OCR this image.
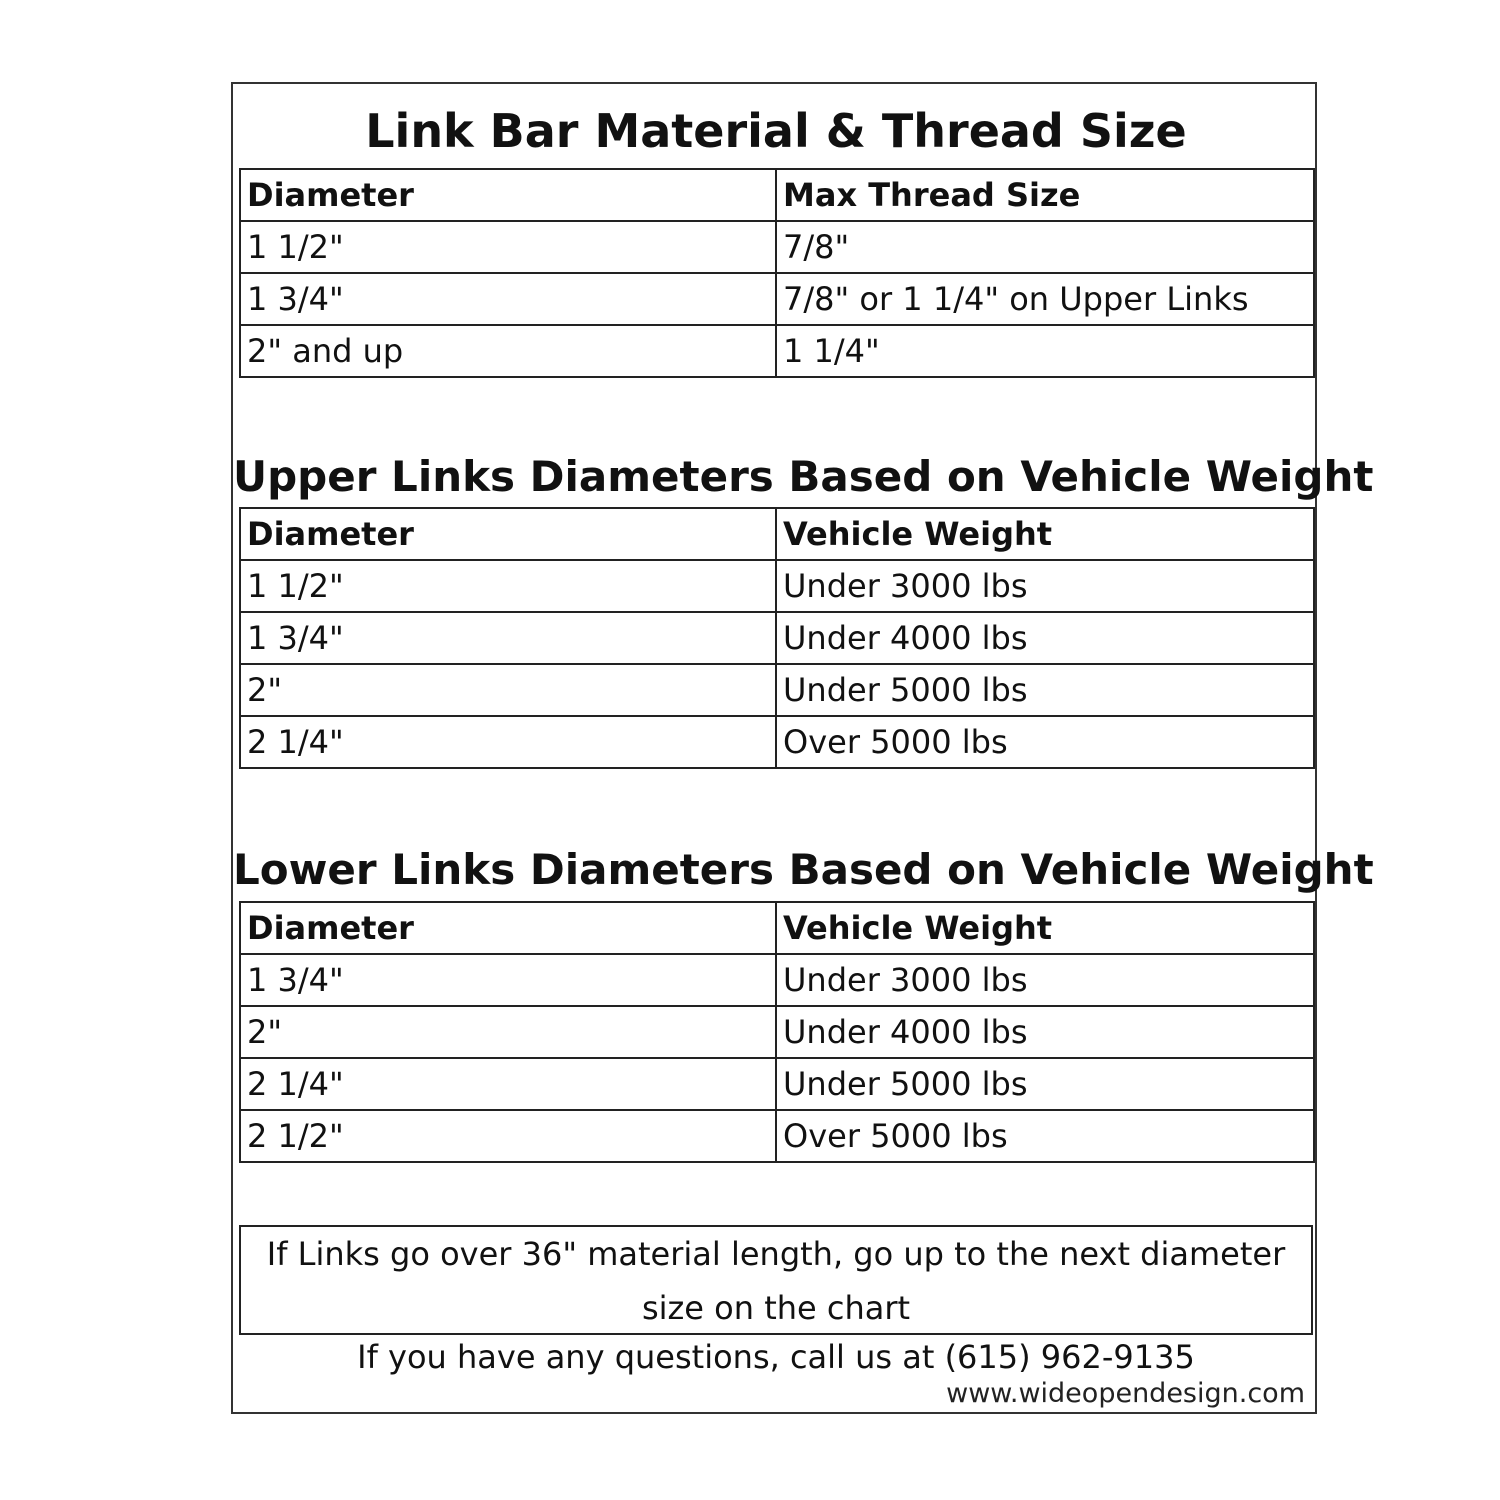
Link Bar Material & Thread Size
Diameter	Max Thread Size
1 1/2"	7/8"
1 3/4"	7/8" or 1 1/4" on Upper Links
2" and up	1 1/4"
Upper Links Diameters Based on Vehicle Weight
Diameter	Vehicle Weight
1 1/2"	Under 3000 lbs
1 3/4"	Under 4000 lbs
2"	Under 5000 lbs
2 1/4"	Over 5000 lbs
Lower Links Diameters Based on Vehicle Weight
Diameter	Vehicle Weight
1 3/4"	Under 3000 lbs
2"	Under 4000 lbs
2 1/4"	Under 5000 lbs
2 1/2"	Over 5000 lbs
If Links go over 36" material length, go up to the next diameter size on the chart
If you have any questions, call us at (615) 962-9135
www.wideopendesign.com
